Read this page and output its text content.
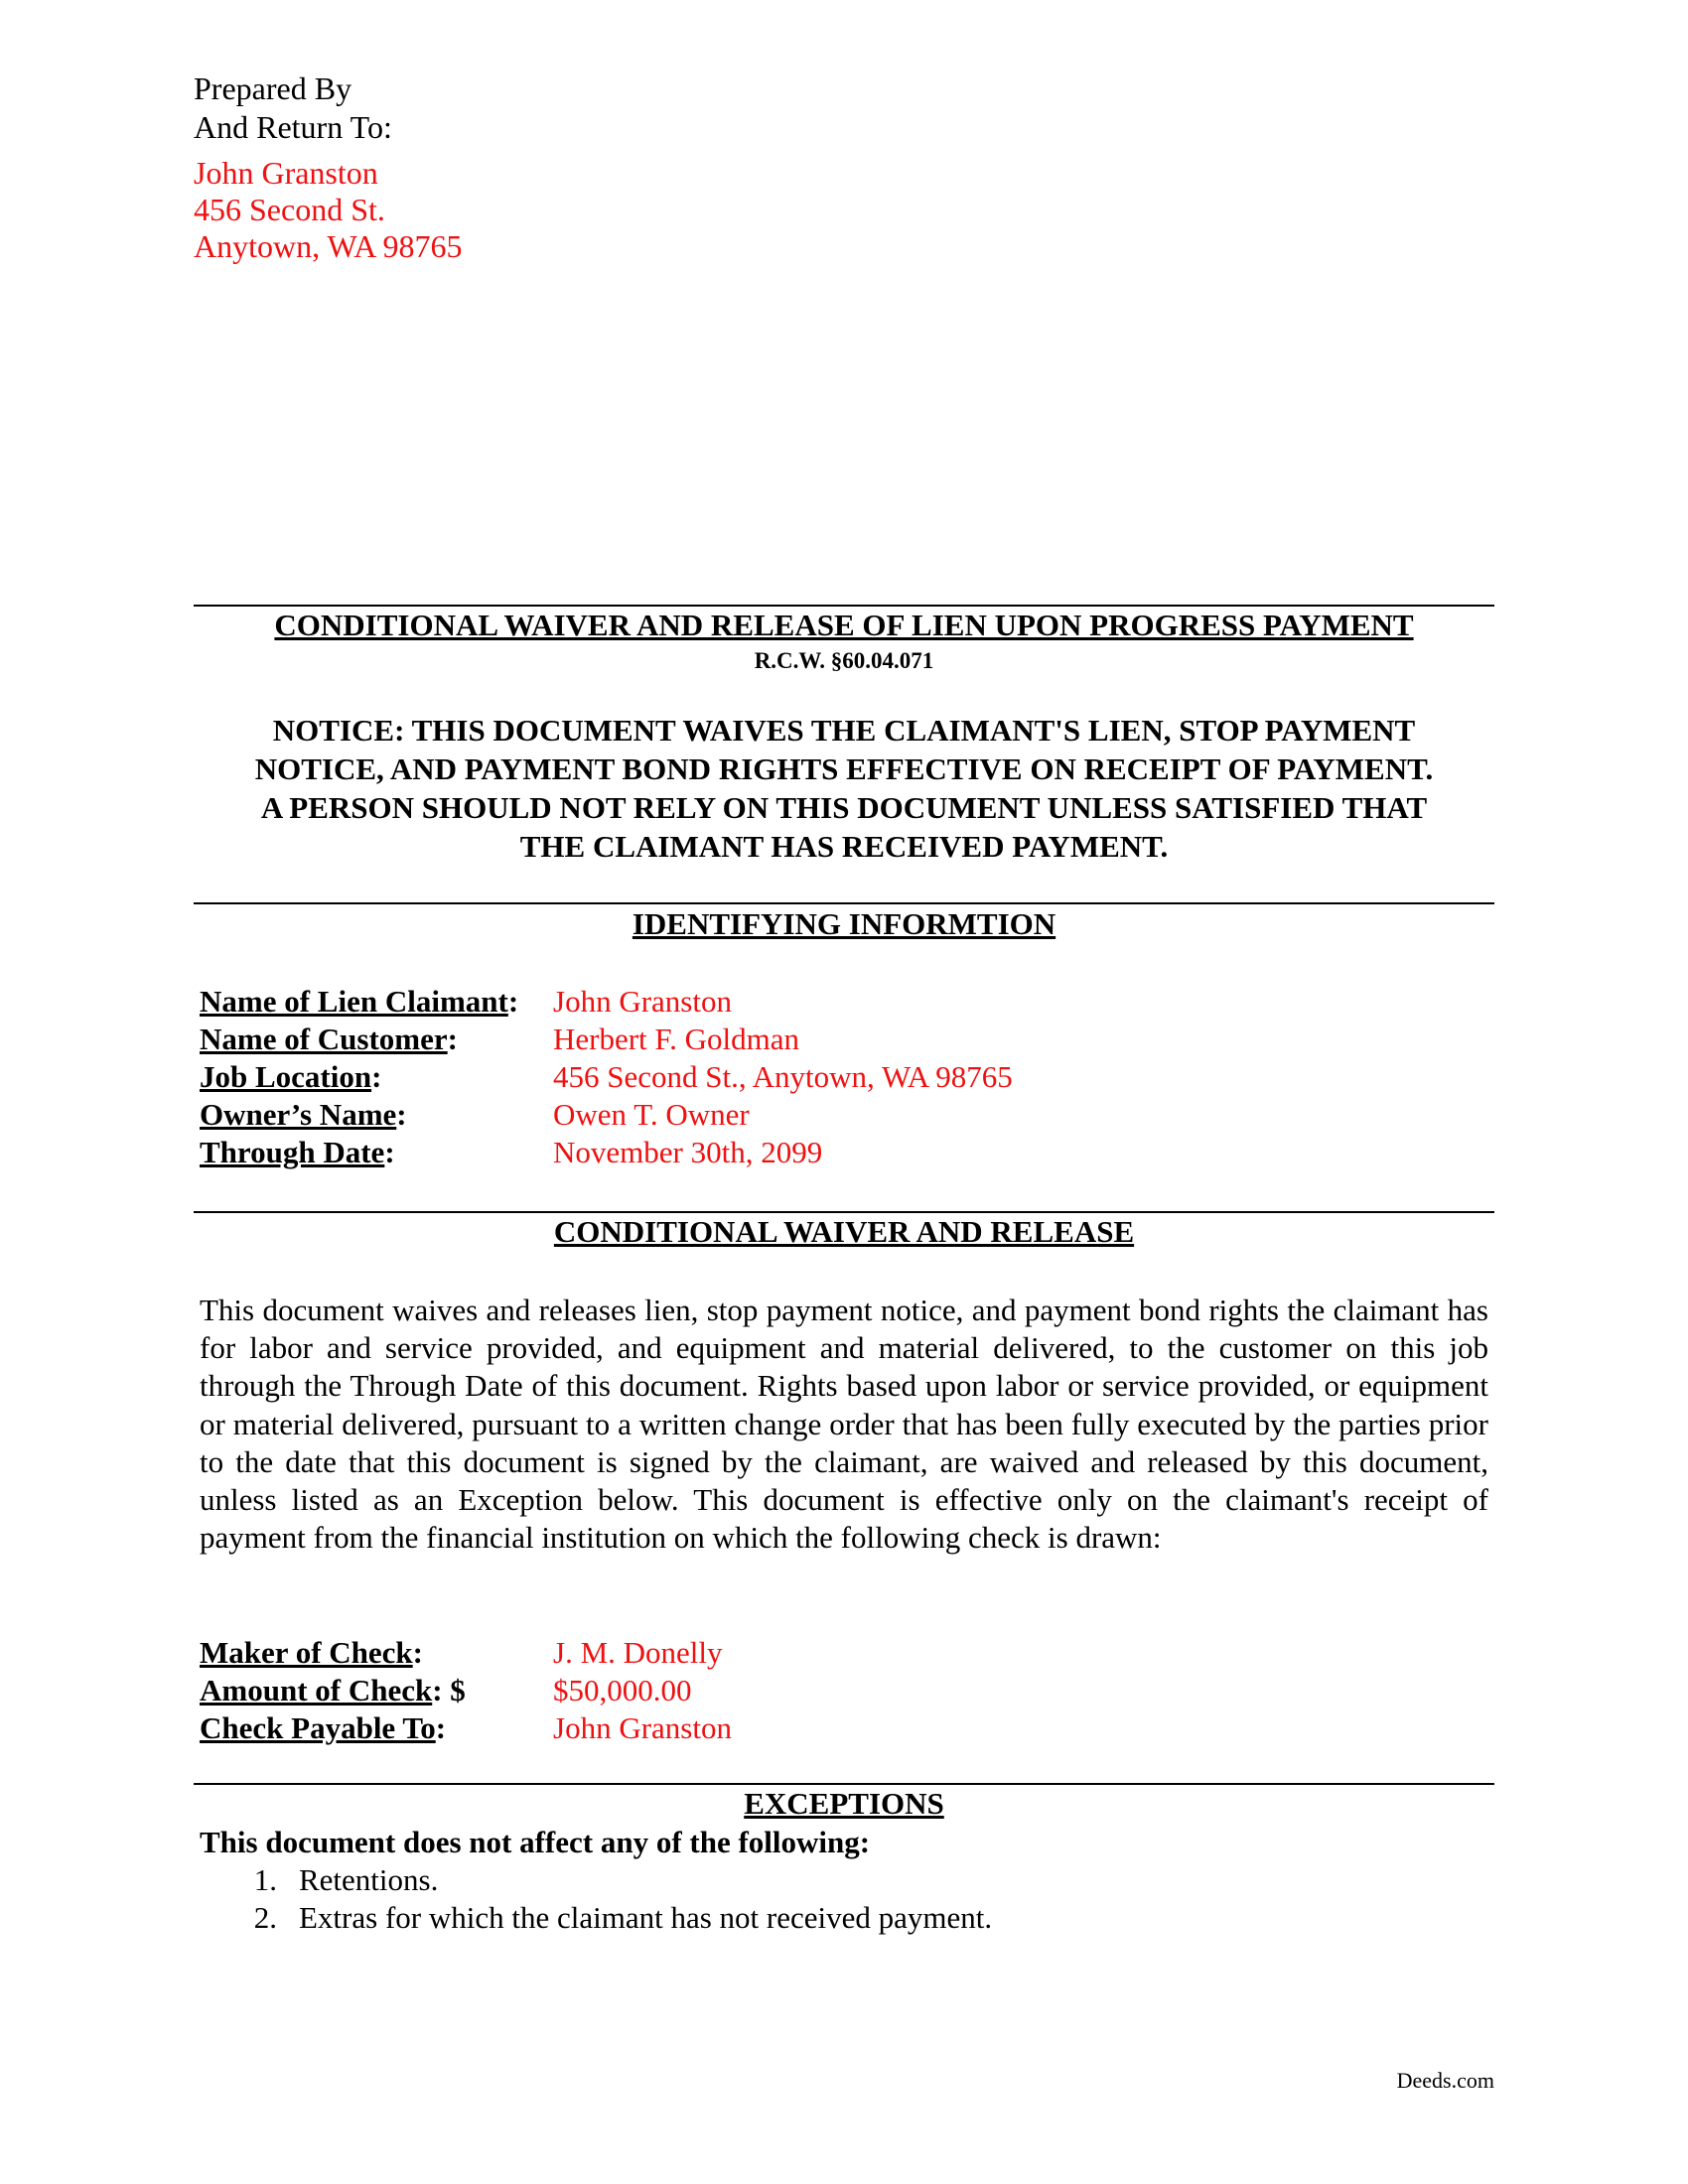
Prepared By
And Return To:
John Granston
456 Second St.
Anytown, WA 98765
CONDITIONAL WAIVER AND RELEASE OF LIEN UPON PROGRESS PAYMENT
R.C.W. §60.04.071
NOTICE: THIS DOCUMENT WAIVES THE CLAIMANT'S LIEN, STOP PAYMENT
NOTICE, AND PAYMENT BOND RIGHTS EFFECTIVE ON RECEIPT OF PAYMENT.
A PERSON SHOULD NOT RELY ON THIS DOCUMENT UNLESS SATISFIED THAT
THE CLAIMANT HAS RECEIVED PAYMENT.
IDENTIFYING INFORMTION
Name of Lien Claimant:	John Granston
Name of Customer:	Herbert F. Goldman
Job Location:	456 Second St., Anytown, WA 98765
Owner’s Name:	Owen T. Owner
Through Date:	November 30th, 2099
CONDITIONAL WAIVER AND RELEASE
This document waives and releases lien, stop payment notice, and payment bond rights the claimant has for labor and service provided, and equipment and material delivered, to the customer on this job through the Through Date of this document. Rights based upon labor or service provided, or equipment or material delivered, pursuant to a written change order that has been fully executed by the parties prior to the date that this document is signed by the claimant, are waived and released by this document, unless listed as an Exception below. This document is effective only on the claimant's receipt of payment from the financial institution on which the following check is drawn:
Maker of Check:	J. M. Donelly
Amount of Check: $	$50,000.00
Check Payable To:	John Granston
EXCEPTIONS
This document does not affect any of the following:
1. Retentions.
2. Extras for which the claimant has not received payment.
Deeds.com
